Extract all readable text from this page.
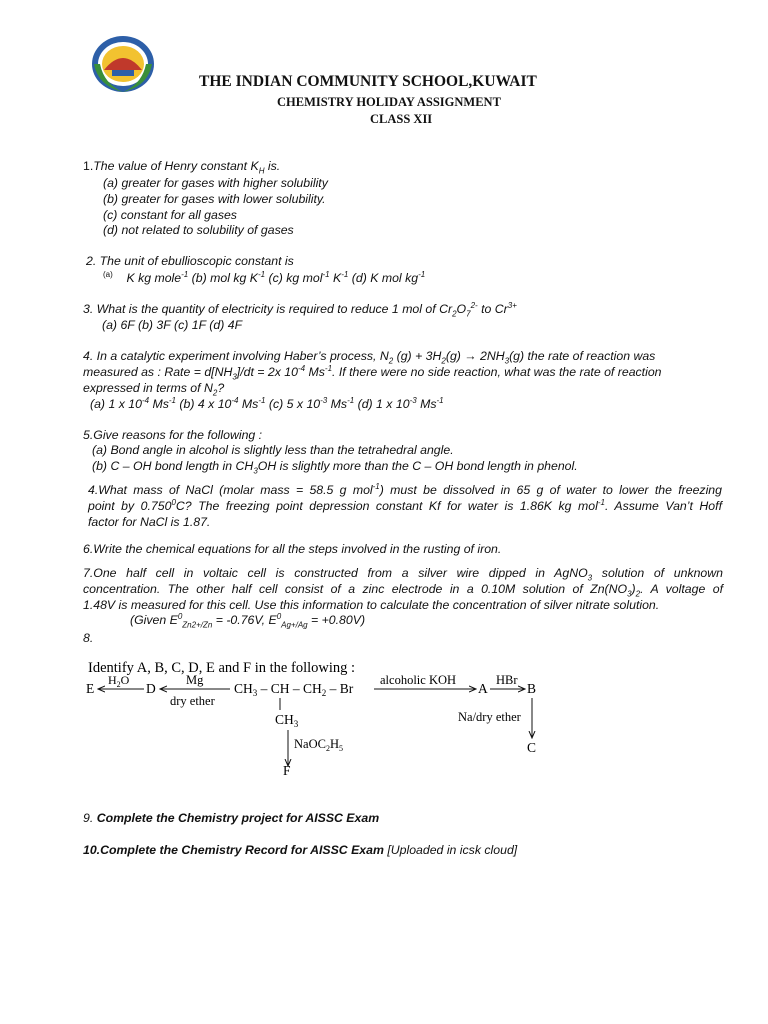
THE INDIAN COMMUNITY SCHOOL,KUWAIT
CHEMISTRY HOLIDAY ASSIGNMENT
CLASS XII
1.The value of Henry constant $K_H$ is.
(a) greater for gases with higher solubility
(b) greater for gases with lower solubility.
(c) constant for all gases
(d) not related to solubility of gases
2. The unit of ebullioscopic constant is
$^{(a)}$ K kg mole$^{-1}$ (b) mol kg $K^{-1}$ (c) kg mol$^{-1}$ $K^{-1}$ (d) K mol $kg^{-1}$
3. What is the quantity of electricity is required to reduce 1 mol of $Cr_2O_7^{2-}$ to $Cr^{3+}$
(a) 6F (b) 3F (c) 1F (d) 4F
4. In a catalytic experiment involving Haber’s process, $N_2$ $(g) + 3H_2(g) \to 2NH_3(g)$ the rate of reaction was
measured as : Rate = $d[NH_3]/dt = 2x$ $10^{-4}$ $Ms^{-1}$. If there were no side reaction, what was the rate of reaction
expressed in terms of $N_2$?
(a) 1 x $10^{-4}$ $Ms^{-1}$ (b) 4 x $10^{-4}$ $Ms^{-1}$ (c) 5 x $10^{-3}$ $Ms^{-1}$ (d) 1 x $10^{-3}$ $Ms^{-1}$
5.Give reasons for the following :
(a) Bond angle in alcohol is slightly less than the tetrahedral angle.
(b) C – OH bond length in $CH_3OH$ is slightly more than the C – OH bond length in phenol.
4.What mass of NaCl (molar mass = 58.5 g mol$^{-1}$) must be dissolved in 65 g of water to lower the freezing
point by 0.750$^0$C? The freezing point depression constant Kf for water is 1.86K kg mol$^{-1}$. Assume Van’t Hoff
factor for NaCl is 1.87.
6.Write the chemical equations for all the steps involved in the rusting of iron.
7.One half cell in voltaic cell is constructed from a silver wire dipped in AgNO$_3$ solution of unknown
concentration. The other half cell consist of a zinc electrode in a 0.10M solution of $Zn(NO_3)_2$. A voltage of
1.48V is measured for this cell. Use this information to calculate the concentration of silver nitrate solution.
(Given $E^0_{Zn2+/Zn} = -0.76V$, $E^0_{Ag+/Ag} = +0.80V$)
8.
Identify A, B, C, D, E and F in the following :
E
$H_2O$
D
Mg
dry ether
$CH_3$ – CH – $CH_2$ – Br
alcoholic KOH
A
HBr
B
Na/dry ether
C
$CH_3$
$NaOC_2H_5$
F
9. Complete the Chemistry project for AISSC Exam
10.Complete the Chemistry Record for AISSC Exam [Uploaded in icsk cloud]
